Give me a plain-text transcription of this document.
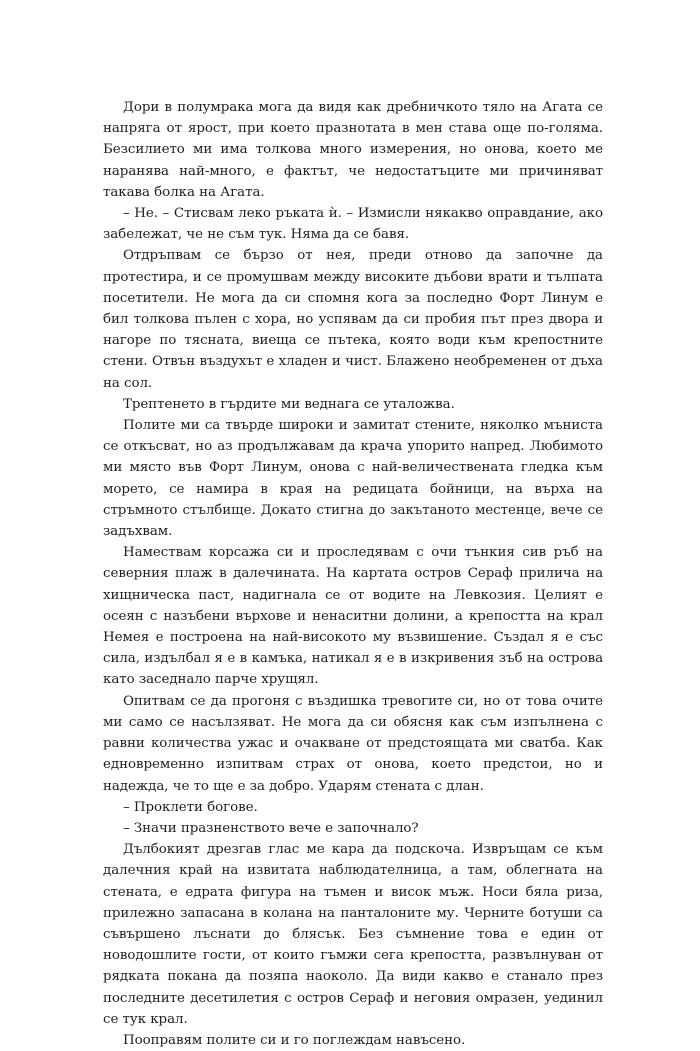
Дори в полумрака мога да видя как дребничкото тяло на Агата се напряга от ярост, при което празнотата в мен става още по-голяма. Безсилието ми има толкова много измерения, но онова, което ме наранява най-много, е фактът, че недостатъците ми причиняват такава болка на Агата.

– Не. – Стисвам леко ръката ѝ. – Измисли някакво оправдание, ако забележат, че не съм тук. Няма да се бавя.

Отдръпвам се бързо от нея, преди отново да започне да протестира, и се промушвам между високите дъбови врати и тълпата посетители. Не мога да си спомня кога за последно Форт Линум е бил толкова пълен с хора, но успявам да си пробия път през двора и нагоре по тясната, виеща се пътека, която води към крепостните стени. Отвън въздухът е хладен и чист. Блажено необременен от дъха на сол.

Трептенето в гърдите ми веднага се уталожва.

Полите ми са твърде широки и замитат стените, няколко мъниста се откъсват, но аз продължавам да крача упорито напред. Любимото ми място във Форт Линум, онова с най-величествената гледка към морето, се намира в края на редицата бойници, на върха на стръмното стълбище. Докато стигна до закътаното местенце, вече се задъхвам.

Намествам корсажа си и проследявам с очи тънкия сив ръб на северния плаж в далечината. На картата остров Сераф прилича на хищническа паст, надигнала се от водите на Левкозия. Целият е осеян с назъбени върхове и ненаситни долини, а крепостта на крал Немея е построена на най-високото му възвишение. Създал я е със сила, издълбал я е в камъка, натикал я е в изкривения зъб на острова като заседнало парче хрущял.

Опитвам се да прогоня с въздишка тревогите си, но от това очите ми само се насълзяват. Не мога да си обясня как съм изпълнена с равни количества ужас и очакване от предстоящата ми сватба. Как едновременно изпитвам страх от онова, което предстои, но и надежда, че то ще е за добро. Ударям стената с длан.

– Проклети богове.

– Значи празненството вече е започнало?

Дълбокият дрезгав глас ме кара да подскоча. Извръщам се към далечния край на извитата наблюдателница, а там, облегната на стената, е едрата фигура на тъмен и висок мъж. Носи бяла риза, прилежно запасана в колана на панталоните му. Черните ботуши са съвършено лъснати до блясък. Без съмнение това е един от новодошлите гости, от които гъмжи сега крепостта, развълнуван от рядката покана да позяпа наоколо. Да види какво е станало през последните десетилетия с остров Сераф и неговия омразен, уединил се тук крал.

Пооправям полите си и го поглеждам навъсено.
